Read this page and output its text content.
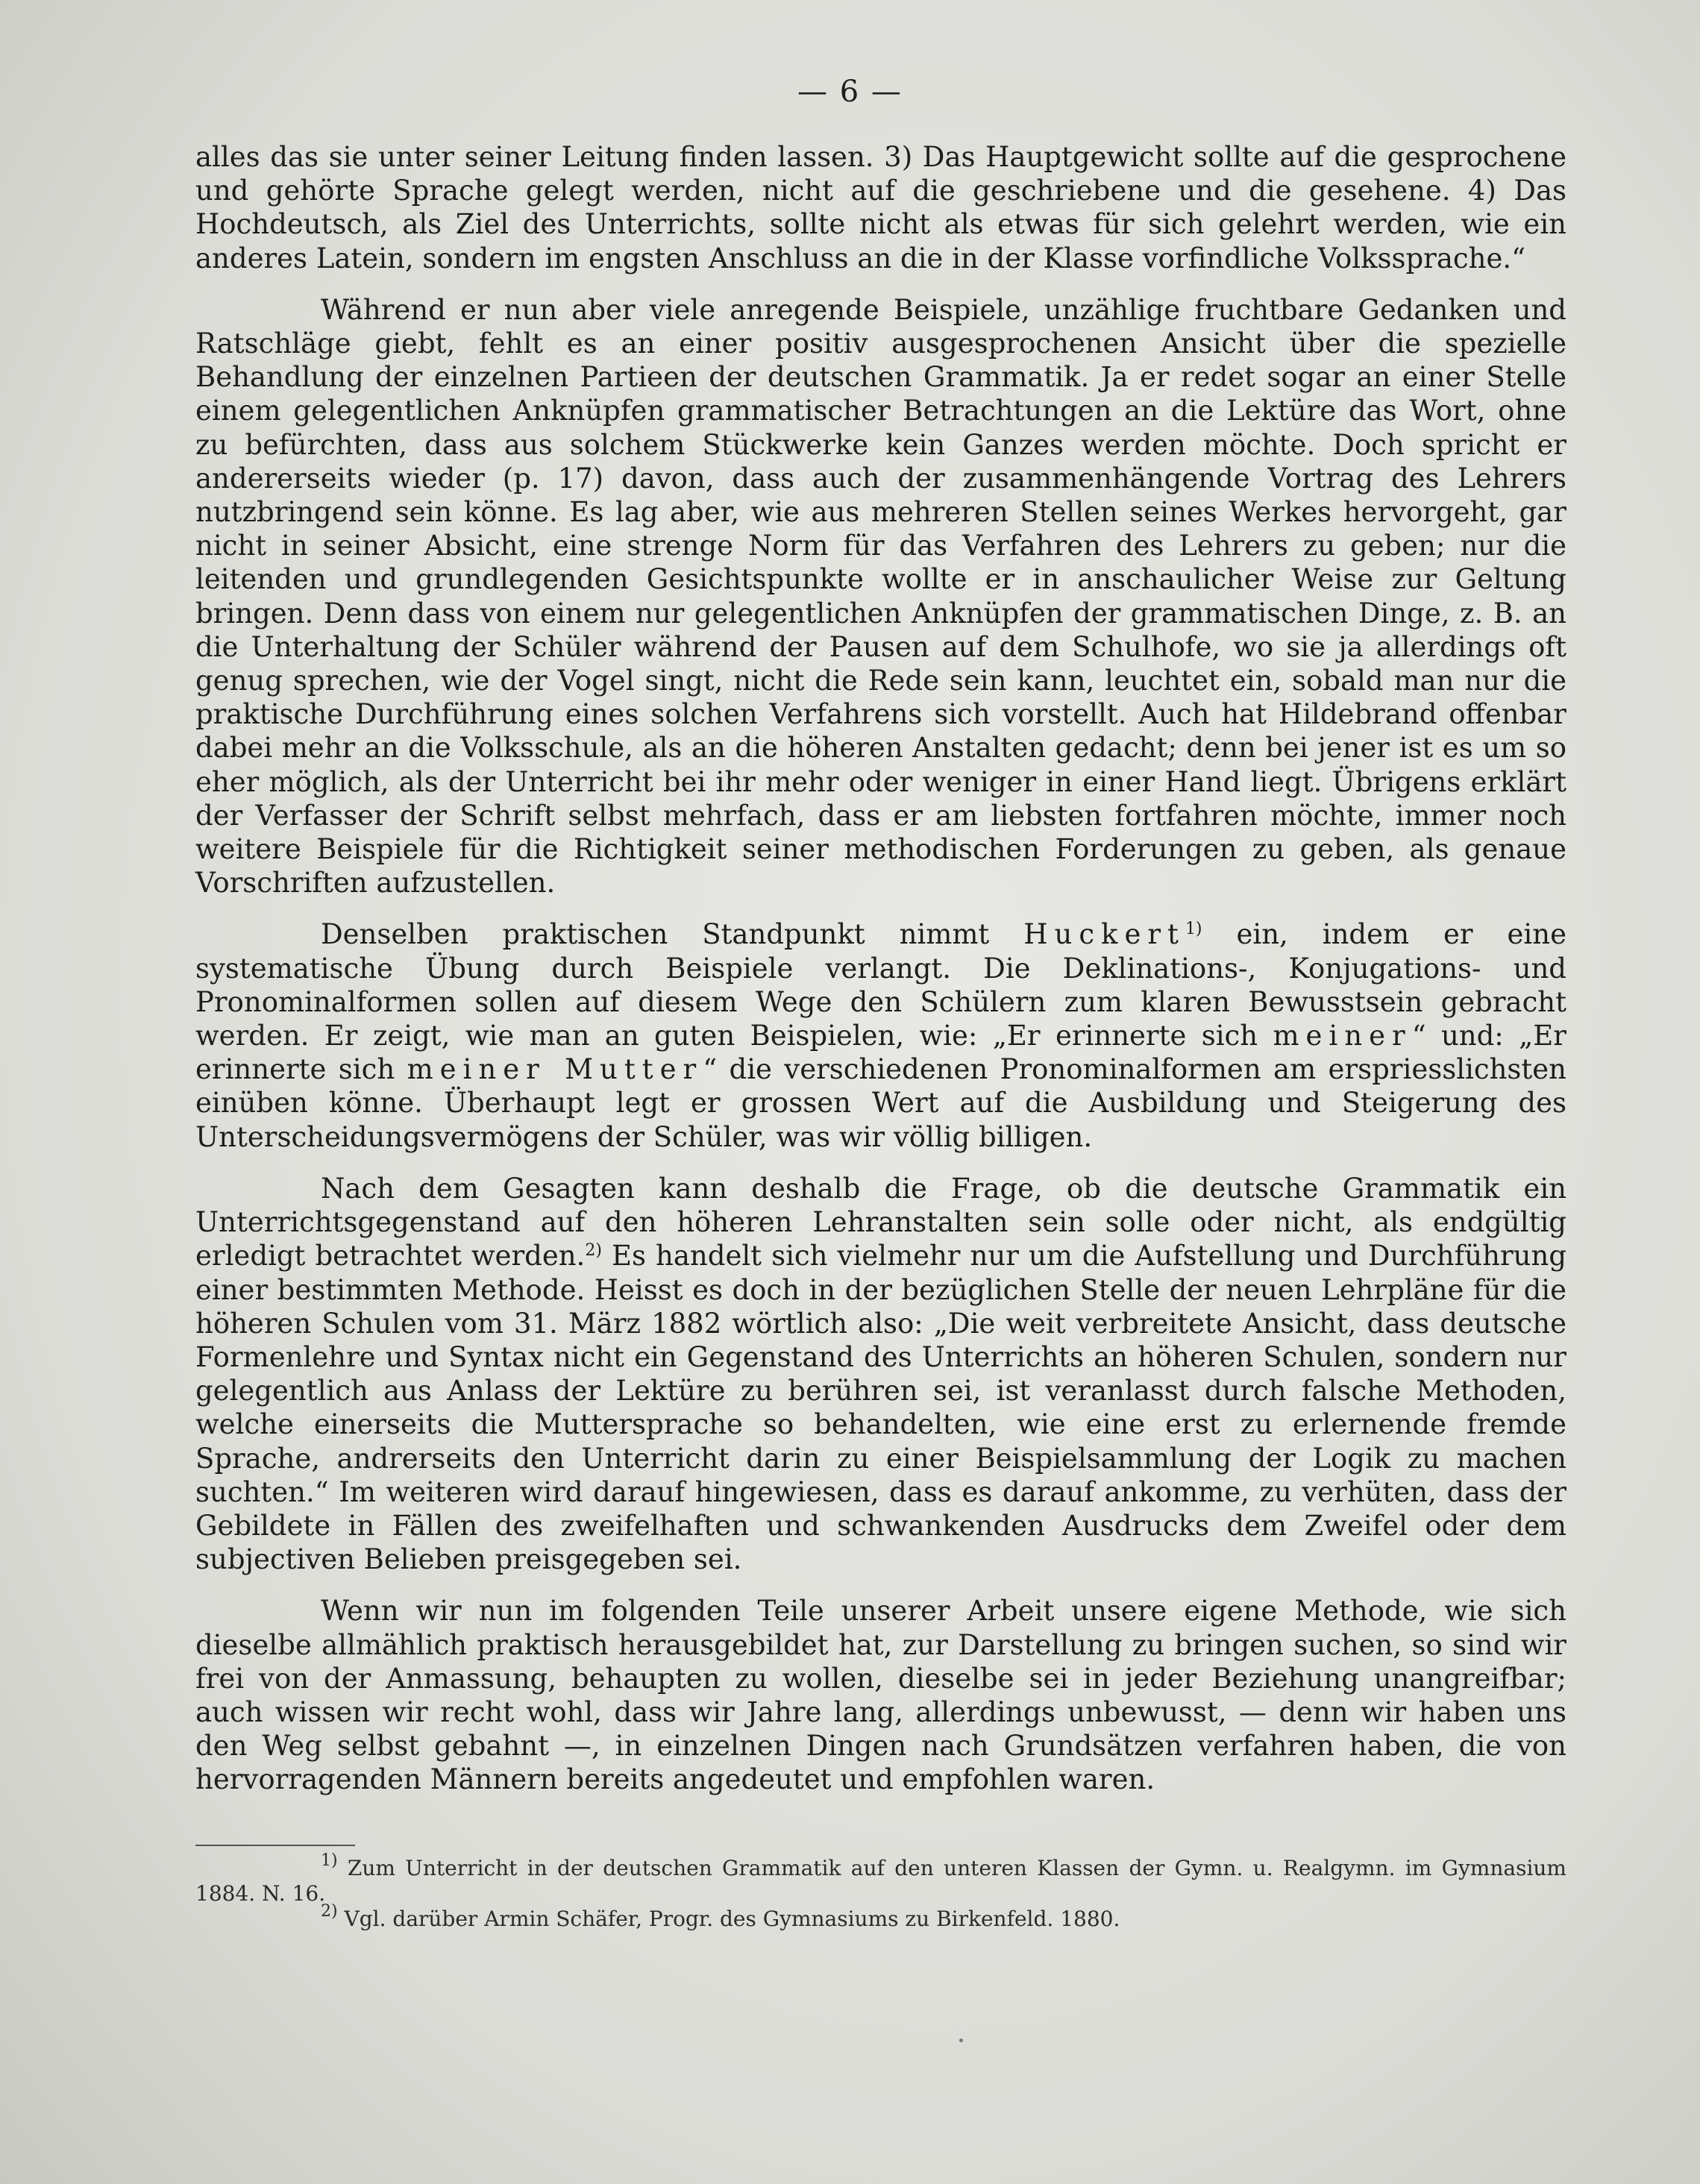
— 6 —

alles das sie unter seiner Leitung finden lassen. 3) Das Hauptgewicht sollte auf die gesprochene und gehörte Sprache gelegt werden, nicht auf die geschriebene und die gesehene. 4) Das Hochdeutsch, als Ziel des Unterrichts, sollte nicht als etwas für sich gelehrt werden, wie ein anderes Latein, sondern im engsten Anschluss an die in der Klasse vorfindliche Volkssprache.“

Während er nun aber viele anregende Beispiele, unzählige fruchtbare Gedanken und Ratschläge giebt, fehlt es an einer positiv ausgesprochenen Ansicht über die spezielle Behandlung der einzelnen Partieen der deutschen Grammatik. Ja er redet sogar an einer Stelle einem gelegentlichen Anknüpfen grammatischer Betrachtungen an die Lektüre das Wort, ohne zu befürchten, dass aus solchem Stückwerke kein Ganzes werden möchte. Doch spricht er andererseits wieder (p. 17) davon, dass auch der zusammenhängende Vortrag des Lehrers nutzbringend sein könne. Es lag aber, wie aus mehreren Stellen seines Werkes hervorgeht, gar nicht in seiner Absicht, eine strenge Norm für das Verfahren des Lehrers zu geben; nur die leitenden und grundlegenden Gesichtspunkte wollte er in anschaulicher Weise zur Geltung bringen. Denn dass von einem nur gelegentlichen Anknüpfen der grammatischen Dinge, z. B. an die Unterhaltung der Schüler während der Pausen auf dem Schulhofe, wo sie ja allerdings oft genug sprechen, wie der Vogel singt, nicht die Rede sein kann, leuchtet ein, sobald man nur die praktische Durchführung eines solchen Verfahrens sich vorstellt. Auch hat Hildebrand offenbar dabei mehr an die Volksschule, als an die höheren Anstalten gedacht; denn bei jener ist es um so eher möglich, als der Unterricht bei ihr mehr oder weniger in einer Hand liegt. Übrigens erklärt der Verfasser der Schrift selbst mehrfach, dass er am liebsten fortfahren möchte, immer noch weitere Beispiele für die Richtigkeit seiner methodischen Forderungen zu geben, als genaue Vorschriften aufzustellen.

Denselben praktischen Standpunkt nimmt Huckert$^{1)}$ ein, indem er eine systematische Übung durch Beispiele verlangt. Die Deklinations-, Konjugations- und Pronominalformen sollen auf diesem Wege den Schülern zum klaren Bewusstsein gebracht werden. Er zeigt, wie man an guten Beispielen, wie: „Er erinnerte sich meiner“ und: „Er erinnerte sich meiner Mutter“ die verschiedenen Pronominalformen am erspriesslichsten einüben könne. Überhaupt legt er grossen Wert auf die Ausbildung und Steigerung des Unterscheidungsvermögens der Schüler, was wir völlig billigen.

Nach dem Gesagten kann deshalb die Frage, ob die deutsche Grammatik ein Unterrichtsgegenstand auf den höheren Lehranstalten sein solle oder nicht, als endgültig erledigt betrachtet werden.$^{2)}$ Es handelt sich vielmehr nur um die Aufstellung und Durchführung einer bestimmten Methode. Heisst es doch in der bezüglichen Stelle der neuen Lehrpläne für die höheren Schulen vom 31. März 1882 wörtlich also: „Die weit verbreitete Ansicht, dass deutsche Formenlehre und Syntax nicht ein Gegenstand des Unterrichts an höheren Schulen, sondern nur gelegentlich aus Anlass der Lektüre zu berühren sei, ist veranlasst durch falsche Methoden, welche einerseits die Muttersprache so behandelten, wie eine erst zu erlernende fremde Sprache, andrerseits den Unterricht darin zu einer Beispielsammlung der Logik zu machen suchten.“ Im weiteren wird darauf hingewiesen, dass es darauf ankomme, zu verhüten, dass der Gebildete in Fällen des zweifelhaften und schwankenden Ausdrucks dem Zweifel oder dem subjectiven Belieben preisgegeben sei.

Wenn wir nun im folgenden Teile unserer Arbeit unsere eigene Methode, wie sich dieselbe allmählich praktisch herausgebildet hat, zur Darstellung zu bringen suchen, so sind wir frei von der Anmassung, behaupten zu wollen, dieselbe sei in jeder Beziehung unangreifbar; auch wissen wir recht wohl, dass wir Jahre lang, allerdings unbewusst, — denn wir haben uns den Weg selbst gebahnt —, in einzelnen Dingen nach Grundsätzen verfahren haben, die von hervorragenden Männern bereits angedeutet und empfohlen waren.

$^{1)}$ Zum Unterricht in der deutschen Grammatik auf den unteren Klassen der Gymn. u. Realgymn. im Gymnasium 1884. N. 16.

$^{2)}$ Vgl. darüber Armin Schäfer, Progr. des Gymnasiums zu Birkenfeld. 1880.
